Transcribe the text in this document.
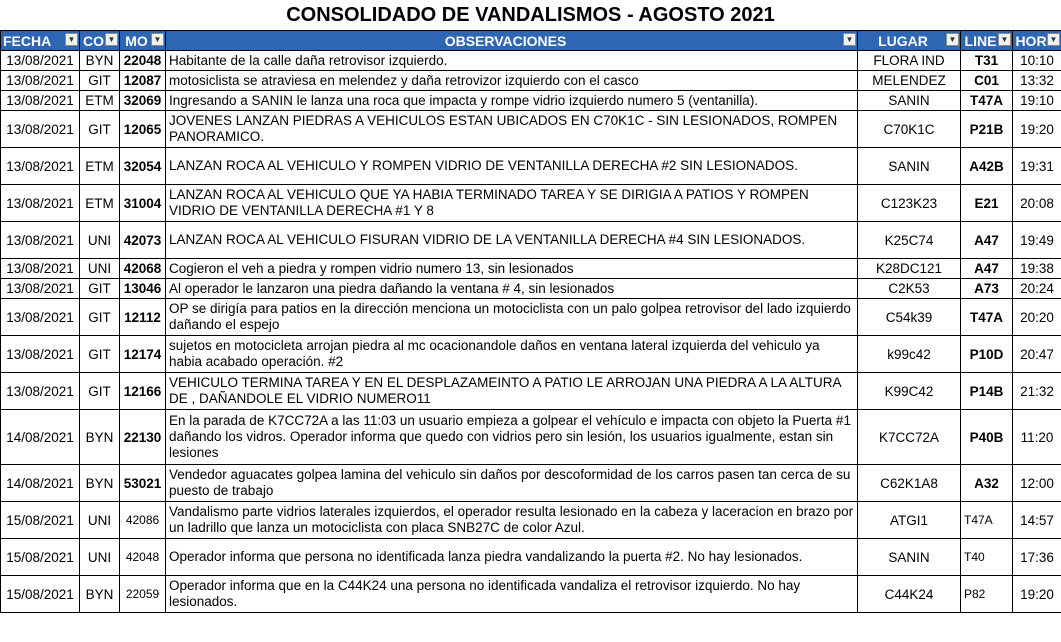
CONSOLIDADO DE VANDALISMOS - AGOSTO 2021
FECHA ▼	CO ▼	MO ▼	OBSERVACIONES ▼	LUGAR ▼	LINE ▼	HOR ▼

13/08/2021	BYN	22048	Habitante de la calle daña retrovisor izquierdo.	FLORA IND	T31	10:10
13/08/2021	GIT	12087	motosiclista se atraviesa en melendez y daña retrovizor izquierdo con el casco	MELENDEZ	C01	13:32
13/08/2021	ETM	32069	Ingresando a SANIN le lanza una roca que impacta y rompe vidrio izquierdo numero 5 (ventanilla).	SANIN	T47A	19:10
13/08/2021	GIT	12065	JOVENES LANZAN PIEDRAS A VEHICULOS ESTAN UBICADOS EN C70K1C - SIN LESIONADOS, ROMPEN PANORAMICO.	C70K1C	P21B	19:20
13/08/2021	ETM	32054	LANZAN ROCA AL VEHICULO Y ROMPEN VIDRIO DE VENTANILLA DERECHA #2 SIN LESIONADOS.	SANIN	A42B	19:31
13/08/2021	ETM	31004	LANZAN ROCA AL VEHICULO QUE YA HABIA TERMINADO TAREA Y SE DIRIGIA A PATIOS Y ROMPEN VIDRIO DE VENTANILLA DERECHA #1 Y 8	C123K23	E21	20:08
13/08/2021	UNI	42073	LANZAN ROCA AL VEHICULO FISURAN VIDRIO DE LA VENTANILLA DERECHA #4 SIN LESIONADOS.	K25C74	A47	19:49
13/08/2021	UNI	42068	Cogieron el veh a piedra y rompen vidrio numero 13, sin lesionados	K28DC121	A47	19:38
13/08/2021	GIT	13046	Al operador le lanzaron una piedra dañando la ventana # 4, sin lesionados	C2K53	A73	20:24
13/08/2021	GIT	12112	OP se dirigía para patios en la dirección menciona un motociclista con un palo golpea retrovisor del lado izquierdo dañando el espejo	C54k39	T47A	20:20
13/08/2021	GIT	12174	sujetos en motocicleta arrojan piedra al mc ocacionandole daños en ventana lateral izquierda del vehiculo ya habia acabado operación. #2	k99c42	P10D	20:47
13/08/2021	GIT	12166	VEHICULO TERMINA TAREA Y EN EL DESPLAZAMEINTO A PATIO LE ARROJAN UNA PIEDRA A LA ALTURA DE , DAÑANDOLE EL VIDRIO NUMERO11	K99C42	P14B	21:32
14/08/2021	BYN	22130	En la parada de K7CC72A a las 11:03 un usuario empieza a golpear el vehículo e impacta con objeto la Puerta #1 dañando los vidros. Operador informa que quedo con vidrios pero sin lesión, los usuarios igualmente, estan sin lesiones	K7CC72A	P40B	11:20
14/08/2021	BYN	53021	Vendedor aguacates golpea lamina del vehiculo sin daños por descoformidad de los carros pasen tan cerca de su puesto de trabajo	C62K1A8	A32	12:00
15/08/2021	UNI	42086	Vandalismo parte vidrios laterales izquierdos, el operador resulta lesionado en la cabeza y laceracion en brazo por un ladrillo que lanza un motociclista con placa SNB27C de color Azul.	ATGI1	T47A	14:57
15/08/2021	UNI	42048	Operador informa que persona no identificada lanza piedra vandalizando la puerta #2. No hay lesionados.	SANIN	T40	17:36
15/08/2021	BYN	22059	Operador informa que en la C44K24 una persona no identificada vandaliza el retrovisor izquierdo. No hay lesionados.	C44K24	P82	19:20
